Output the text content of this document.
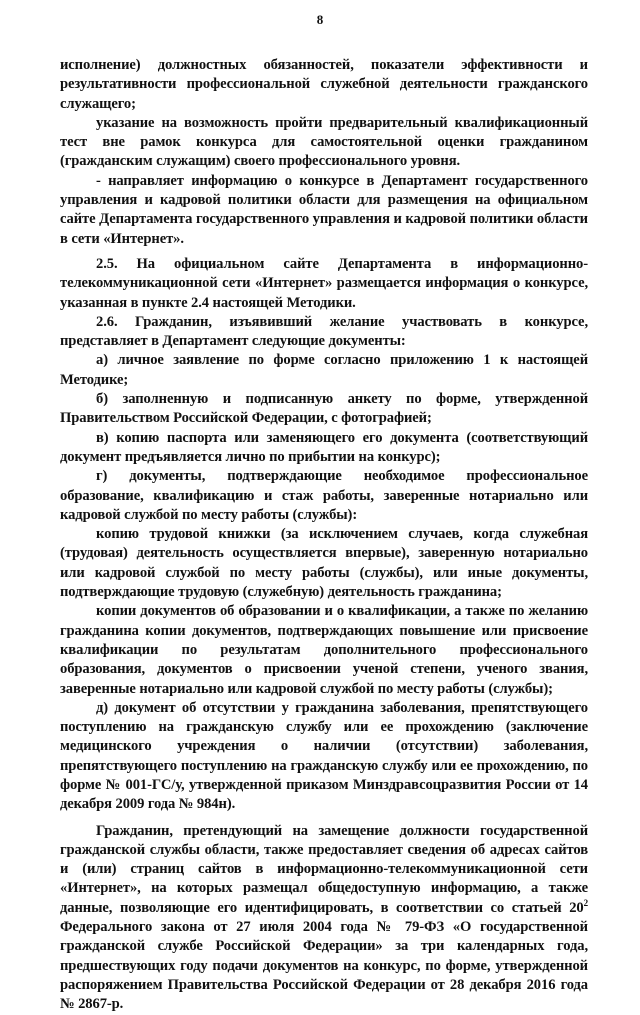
8

исполнение) должностных обязанностей, показатели эффективности и результативности профессиональной служебной деятельности гражданского служащего;

указание на возможность пройти предварительный квалификационный тест вне рамок конкурса для самостоятельной оценки гражданином (гражданским служащим) своего профессионального уровня.

- направляет информацию о конкурсе в Департамент государственного управления и кадровой политики области для размещения на официальном сайте Департамента государственного управления и кадровой политики области в сети «Интернет».

2.5. На официальном сайте Департамента в информационно-телекоммуникационной сети «Интернет» размещается информация о конкурсе, указанная в пункте 2.4 настоящей Методики.

2.6. Гражданин, изъявивший желание участвовать в конкурсе, представляет в Департамент следующие документы:

а) личное заявление по форме согласно приложению 1 к настоящей Методике;

б) заполненную и подписанную анкету по форме, утвержденной Правительством Российской Федерации, с фотографией;

в) копию паспорта или заменяющего его документа (соответствующий документ предъявляется лично по прибытии на конкурс);

г) документы, подтверждающие необходимое профессиональное образование, квалификацию и стаж работы, заверенные нотариально или кадровой службой по месту работы (службы):

копию трудовой книжки (за исключением случаев, когда служебная (трудовая) деятельность осуществляется впервые), заверенную нотариально или кадровой службой по месту работы (службы), или иные документы, подтверждающие трудовую (служебную) деятельность гражданина;

копии документов об образовании и о квалификации, а также по желанию гражданина копии документов, подтверждающих повышение или присвоение квалификации по результатам дополнительного профессионального образования, документов о присвоении ученой степени, ученого звания, заверенные нотариально или кадровой службой по месту работы (службы);

д) документ об отсутствии у гражданина заболевания, препятствующего поступлению на гражданскую службу или ее прохождению (заключение медицинского учреждения о наличии (отсутствии) заболевания, препятствующего поступлению на гражданскую службу или ее прохождению, по форме № 001-ГС/у, утвержденной приказом Минздравсоцразвития России от 14 декабря 2009 года № 984н).

Гражданин, претендующий на замещение должности государственной гражданской службы области, также предоставляет сведения об адресах сайтов и (или) страниц сайтов в информационно-телекоммуникационной сети «Интернет», на которых размещал общедоступную информацию, а также данные, позволяющие его идентифицировать, в соответствии со статьей $20^2$ Федерального закона от 27 июля 2004 года № 79-ФЗ «О государственной гражданской службе Российской Федерации» за три календарных года, предшествующих году подачи документов на конкурс, по форме, утвержденной распоряжением Правительства Российской Федерации от 28 декабря 2016 года № 2867-р.
